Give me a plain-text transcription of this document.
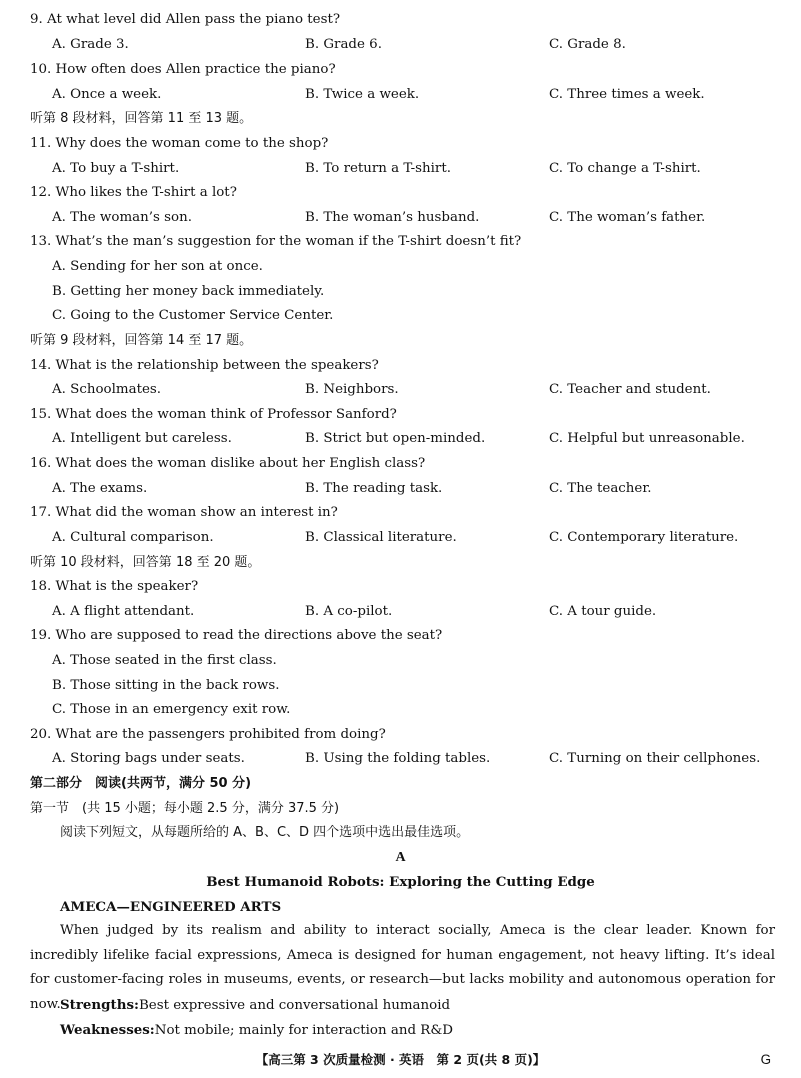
9. At what level did Allen pass the piano test?
A. Grade 3.	B. Grade 6.	C. Grade 8.
10. How often does Allen practice the piano?
A. Once a week.	B. Twice a week.	C. Three times a week.
听第 8 段材料，回答第 11 至 13 题。
11. Why does the woman come to the shop?
A. To buy a T-shirt.	B. To return a T-shirt.	C. To change a T-shirt.
12. Who likes the T-shirt a lot?
A. The woman’s son.	B. The woman’s husband.	C. The woman’s father.
13. What’s the man’s suggestion for the woman if the T-shirt doesn’t fit?
A. Sending for her son at once.
B. Getting her money back immediately.
C. Going to the Customer Service Center.
听第 9 段材料，回答第 14 至 17 题。
14. What is the relationship between the speakers?
A. Schoolmates.	B. Neighbors.	C. Teacher and student.
15. What does the woman think of Professor Sanford?
A. Intelligent but careless.	B. Strict but open-minded.	C. Helpful but unreasonable.
16. What does the woman dislike about her English class?
A. The exams.	B. The reading task.	C. The teacher.
17. What did the woman show an interest in?
A. Cultural comparison.	B. Classical literature.	C. Contemporary literature.
听第 10 段材料，回答第 18 至 20 题。
18. What is the speaker?
A. A flight attendant.	B. A co-pilot.	C. A tour guide.
19. Who are supposed to read the directions above the seat?
A. Those seated in the first class.
B. Those sitting in the back rows.
C. Those in an emergency exit row.
20. What are the passengers prohibited from doing?
A. Storing bags under seats.	B. Using the folding tables.	C. Turning on their cellphones.
第二部分　阅读(共两节，满分 50 分)
第一节　(共 15 小题；每小题 2.5 分，满分 37.5 分)
阅读下列短文，从每题所给的 A、B、C、D 四个选项中选出最佳选项。
A
Best Humanoid Robots: Exploring the Cutting Edge
AMECA—ENGINEERED ARTS
When judged by its realism and ability to interact socially, Ameca is the clear leader. Known for incredibly lifelike facial expressions, Ameca is designed for human engagement, not heavy lifting. It’s ideal for customer-facing roles in museums, events, or research—but lacks mobility and autonomous operation for now. Strengths:Best expressive and conversational humanoid
Weaknesses:Not mobile; mainly for interaction and R&D
【高三第 3 次质量检测 · 英语　第 2 页(共 8 页)】	G
